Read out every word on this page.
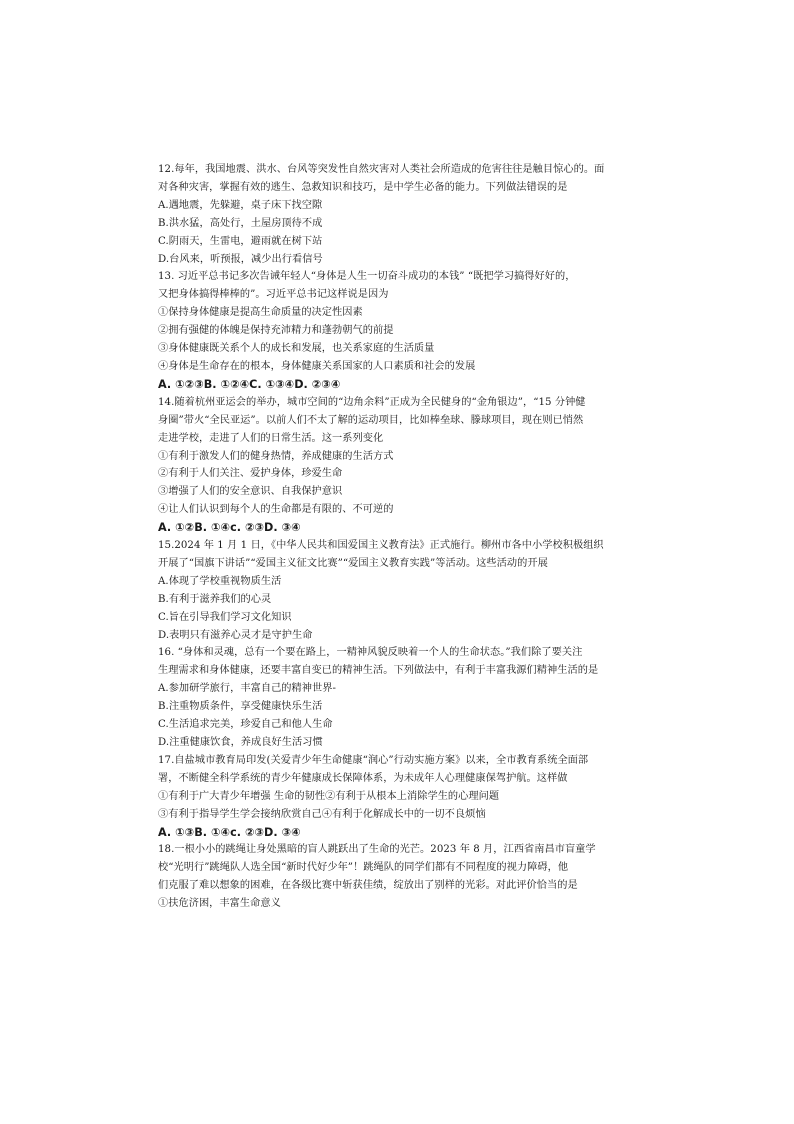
12.每年，我国地震、洪水、台风等突发性自然灾害对人类社会所造成的危害往往是触目惊心的。面
对各种灾害，掌握有效的逃生、急救知识和技巧，是中学生必备的能力。下列做法错误的是
A.遇地震，先躲避，桌子床下找空隙
B.洪水猛，高处行，土屋房顶待不成
C.阴雨天，生雷电，避雨就在树下站
D.台风来，听预报，减少出行看信号
13. 习近平总书记多次告诫年轻人“身体是人生一切奋斗成功的本钱” “既把学习搞得好好的，
又把身体搞得棒棒的”。习近平总书记这样说是因为
①保持身体健康是提高生命质量的决定性因素
②拥有强健的体魄是保持充沛精力和蓬勃朝气的前提
③身体健康既关系个人的成长和发展，也关系家庭的生活质量
④身体是生命存在的根本，身体健康关系国家的人口素质和社会的发展
A. ①②③B. ①②④C. ①③④D. ②③④
14.随着杭州亚运会的举办，城市空间的“边角余料”正成为全民健身的“金角银边”，“15 分钟健
身圈”带火“全民亚运”。以前人们不太了解的运动项目，比如棒垒球、滕球项目，现在则已悄然
走进学校，走进了人们的日常生活。这一系列变化
①有利于激发人们的健身热情，养成健康的生活方式
②有利于人们关注、爱护身体，珍爱生命
③增强了人们的安全意识、自我保护意识
④让人们认识到每个人的生命都是有限的、不可逆的
A. ①②B. ①④c. ②③D. ③④
15.2024 年 1 月 1 日，《中华人民共和国爱国主义教育法》正式施行。柳州市各中小学校积极组织
开展了“国旗下讲话”“爱国主义征文比赛”“爱国主义教育实践”等活动。这些活动的开展
A.体现了学校重视物质生活
B.有利于滋养我们的心灵
C.旨在引导我们学习文化知识
D.表明只有滋养心灵才是守护生命
16. “身体和灵魂，总有一个要在路上，一精神风貌反映着一个人的生命状态。”我们除了要关注
生理需求和身体健康，还要丰富自变已的精神生活。下列做法中，有利于丰富我源们精神生活的是
A.参加研学旅行，丰富自己的精神世界-
B.注重物质条件，享受健康快乐生活
C.生活追求完美，珍爱自己和他人生命
D.注重健康饮食，养成良好生活习惯
17.自盐城市教育局印发(关爱青少年生命健康“润心”行动实施方案》以来，全市教育系统全面部
署，不断健全科学系统的青少年健康成长保障体系，为未成年人心理健康保驾护航。这样做
①有利于广大青少年增强 生命的韧性②有利于从根本上消除学生的心理问题
③有利于指导学生学会接纳欣赏自己④有利于化解成长中的一切不良烦恼
A. ①③B. ①④c. ②③D. ③④
18.一根小小的跳绳让身处黑暗的盲人跳跃出了生命的光芒。2023 年 8 月，江西省南昌市盲童学
校“光明行”跳绳队人选全国“新时代好少年”！跳绳队的同学们都有不同程度的视力障碍，他
们克服了难以想象的困难，在各级比赛中斩获佳绩，绽放出了别样的光彩。对此评价恰当的是
①扶危济困，丰富生命意义
